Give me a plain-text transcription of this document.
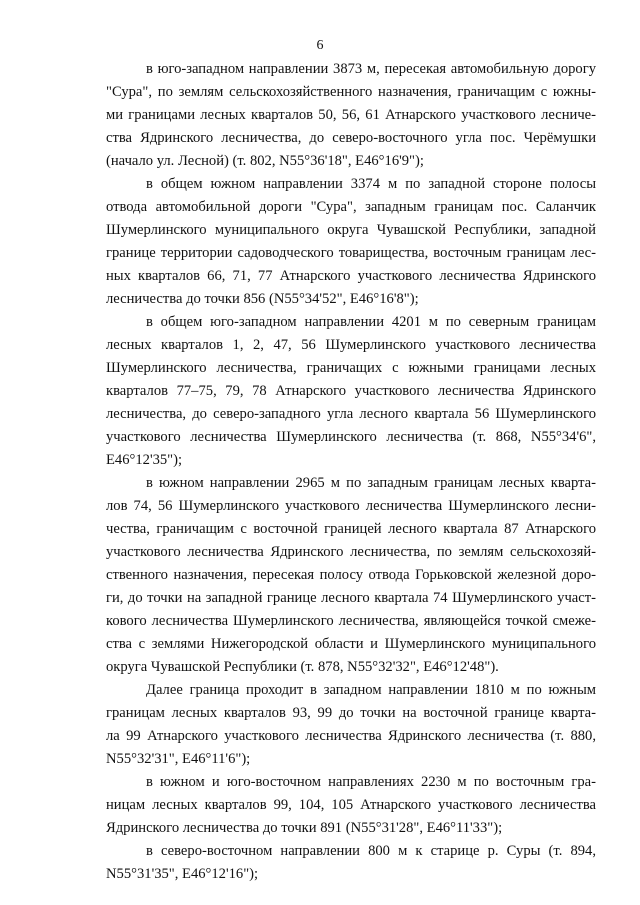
6
в юго-западном направлении 3873 м, пересекая автомобильную дорогу
"Сура", по землям сельскохозяйственного назначения, граничащим с южны-
ми границами лесных кварталов 50, 56, 61 Атнарского участкового лесниче-
ства Ядринского лесничества, до северо-восточного угла пос. Черёмушки
(начало ул. Лесной) (т. 802, N55°36'18", E46°16'9");
в общем южном направлении 3374 м по западной стороне полосы
отвода автомобильной дороги "Сура", западным границам пос. Саланчик
Шумерлинского муниципального округа Чувашской Республики, западной
границе территории садоводческого товарищества, восточным границам лес-
ных кварталов 66, 71, 77 Атнарского участкового лесничества Ядринского
лесничества до точки 856 (N55°34'52", E46°16'8");
в общем юго-западном направлении 4201 м по северным границам
лесных кварталов 1, 2, 47, 56 Шумерлинского участкового лесничества
Шумерлинского лесничества, граничащих с южными границами лесных
кварталов 77–75, 79, 78 Атнарского участкового лесничества Ядринского
лесничества, до северо-западного угла лесного квартала 56 Шумерлинского
участкового лесничества Шумерлинского лесничества (т. 868, N55°34'6",
E46°12'35");
в южном направлении 2965 м по западным границам лесных кварта-
лов 74, 56 Шумерлинского участкового лесничества Шумерлинского лесни-
чества, граничащим с восточной границей лесного квартала 87 Атнарского
участкового лесничества Ядринского лесничества, по землям сельскохозяй-
ственного назначения, пересекая полосу отвода Горьковской железной доро-
ги, до точки на западной границе лесного квартала 74 Шумерлинского участ-
кового лесничества Шумерлинского лесничества, являющейся точкой смеже-
ства с землями Нижегородской области и Шумерлинского муниципального
округа Чувашской Республики (т. 878, N55°32'32", E46°12'48").
Далее граница проходит в западном направлении 1810 м по южным
границам лесных кварталов 93, 99 до точки на восточной границе кварта-
ла 99 Атнарского участкового лесничества Ядринского лесничества (т. 880,
N55°32'31", E46°11'6");
в южном и юго-восточном направлениях 2230 м по восточным гра-
ницам лесных кварталов 99, 104, 105 Атнарского участкового лесничества
Ядринского лесничества до точки 891 (N55°31'28", E46°11'33");
в северо-восточном направлении 800 м к старице р. Суры (т. 894,
N55°31'35", E46°12'16");
